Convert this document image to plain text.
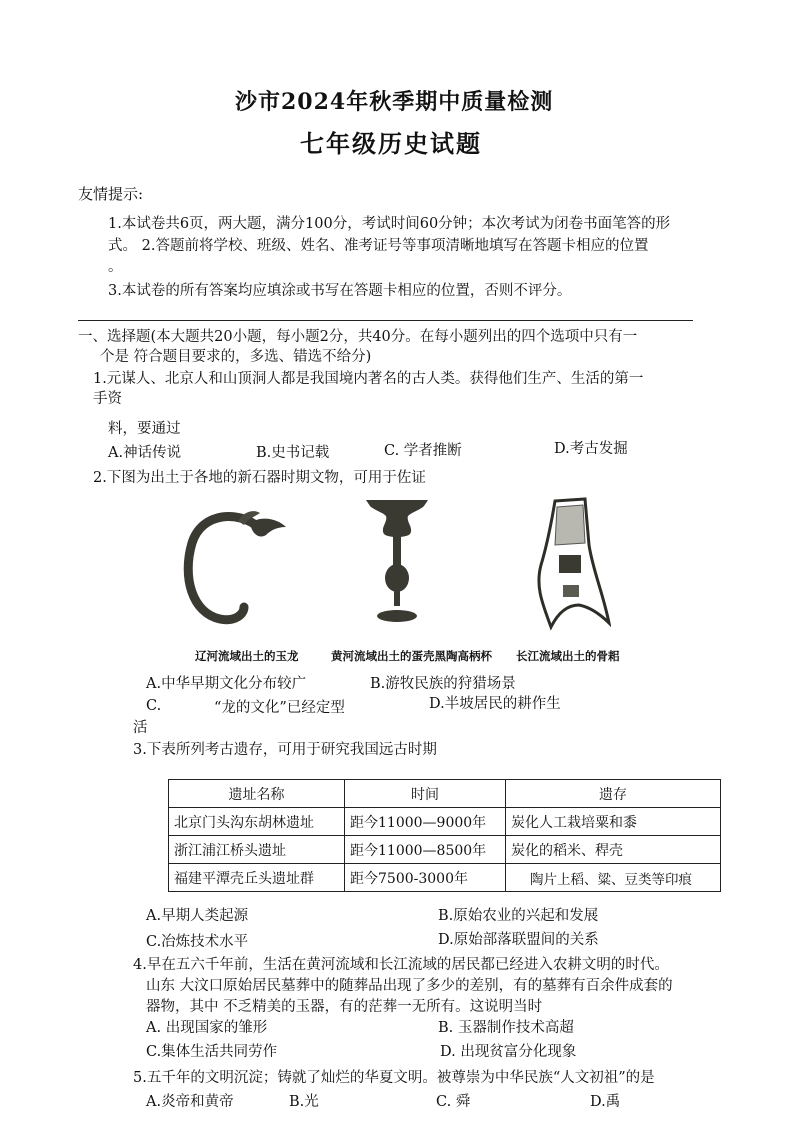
沙市2024年秋季期中质量检测
七年级历史试题
友情提示:
1.本试卷共6页，两大题，满分100分，考试时间60分钟；本次考试为闭卷书面笔答的形
式。 2.答题前将学校、班级、姓名、准考证号等事项清晰地填写在答题卡相应的位置
。
3.本试卷的所有答案均应填涂或书写在答题卡相应的位置，否则不评分。
一、选择题(本大题共20小题，每小题2分，共40分。在每小题列出的四个选项中只有一
个是 符合题目要求的，多选、错选不给分)
1.元谋人、北京人和山顶洞人都是我国境内著名的古人类。获得他们生产、生活的第一
手资
料，要通过
A.神话传说	B.史书记载	C. 学者推断	D.考古发掘
2.下图为出土于各地的新石器时期文物，可用于佐证
辽河流域出土的玉龙	黄河流域出土的蛋壳黑陶高柄杯 长江流域出土的骨耜
A.中华早期文化分布较广	B.游牧民族的狩猎场景
C.	“龙的文化”已经定型	D.半坡居民的耕作生
活
3.下表所列考古遗存，可用于研究我国远古时期
遗址名称	时间	遗存
北京门头沟东胡林遗址	距今11000—9000年	炭化人工栽培粟和黍
浙江浦江桥头遗址	距今11000—8500年	炭化的稻米、稈壳
福建平潭壳丘头遗址群	距今7500-3000年	陶片上稻、粱、豆类等印痕
A.早期人类起源	B.原始农业的兴起和发展
C.冶炼技术水平	D.原始部落联盟间的关系
4.早在五六千年前，生活在黄河流域和长江流域的居民都已经进入农耕文明的时代。
山东 大汶口原始居民墓葬中的随葬品出现了多少的差别，有的墓葬有百余件成套的
器物，其中 不乏精美的玉器，有的茫葬一无所有。这说明当时
A. 出现国家的雏形	B. 玉器制作技术高超
C.集体生活共同劳作	D. 出现贫富分化现象
5.五千年的文明沉淀；铸就了灿烂的华夏文明。被尊崇为中华民族“人文初祖”的是
A.炎帝和黄帝	B.光	C. 舜	D.禹
